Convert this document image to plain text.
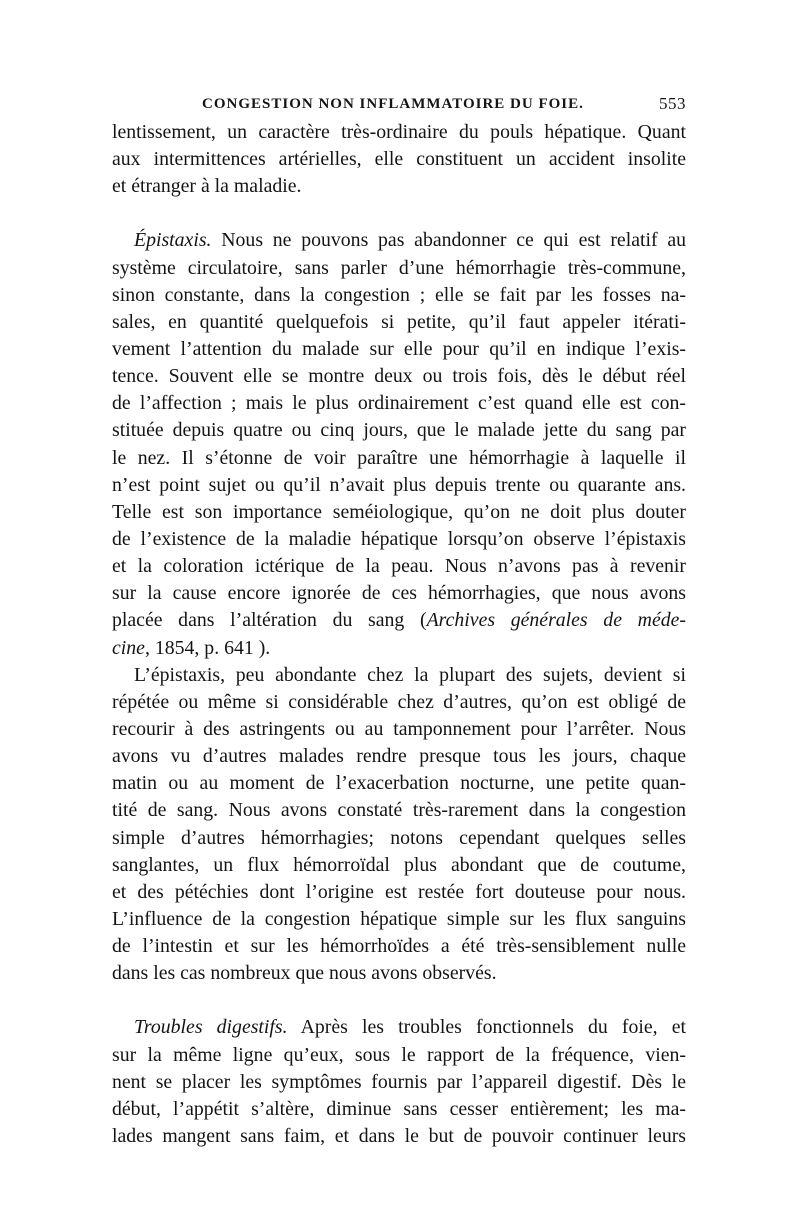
CONGESTION NON INFLAMMATOIRE DU FOIE.	553
lentissement, un caractère très-ordinaire du pouls hépatique. Quant
aux intermittences artérielles, elle constituent un accident insolite
et étranger à la maladie.
Épistaxis. Nous ne pouvons pas abandonner ce qui est relatif au
système circulatoire, sans parler d’une hémorrhagie très-commune,
sinon constante, dans la congestion ; elle se fait par les fosses na-
sales, en quantité quelquefois si petite, qu’il faut appeler itérati-
vement l’attention du malade sur elle pour qu’il en indique l’exis-
tence. Souvent elle se montre deux ou trois fois, dès le début réel
de l’affection ; mais le plus ordinairement c’est quand elle est con-
stituée depuis quatre ou cinq jours, que le malade jette du sang par
le nez. Il s’étonne de voir paraître une hémorrhagie à laquelle il
n’est point sujet ou qu’il n’avait plus depuis trente ou quarante ans.
Telle est son importance seméiologique, qu’on ne doit plus douter
de l’existence de la maladie hépatique lorsqu’on observe l’épistaxis
et la coloration ictérique de la peau. Nous n’avons pas à revenir
sur la cause encore ignorée de ces hémorrhagies, que nous avons
placée dans l’altération du sang (Archives générales de méde-
cine, 1854, p. 641 ).
L’épistaxis, peu abondante chez la plupart des sujets, devient si
répétée ou même si considérable chez d’autres, qu’on est obligé de
recourir à des astringents ou au tamponnement pour l’arrêter. Nous
avons vu d’autres malades rendre presque tous les jours, chaque
matin ou au moment de l’exacerbation nocturne, une petite quan-
tité de sang. Nous avons constaté très-rarement dans la congestion
simple d’autres hémorrhagies; notons cependant quelques selles
sanglantes, un flux hémorroïdal plus abondant que de coutume,
et des pétéchies dont l’origine est restée fort douteuse pour nous.
L’influence de la congestion hépatique simple sur les flux sanguins
de l’intestin et sur les hémorrhoïdes a été très-sensiblement nulle
dans les cas nombreux que nous avons observés.
Troubles digestifs. Après les troubles fonctionnels du foie, et
sur la même ligne qu’eux, sous le rapport de la fréquence, vien-
nent se placer les symptômes fournis par l’appareil digestif. Dès le
début, l’appétit s’altère, diminue sans cesser entièrement; les ma-
lades mangent sans faim, et dans le but de pouvoir continuer leurs
